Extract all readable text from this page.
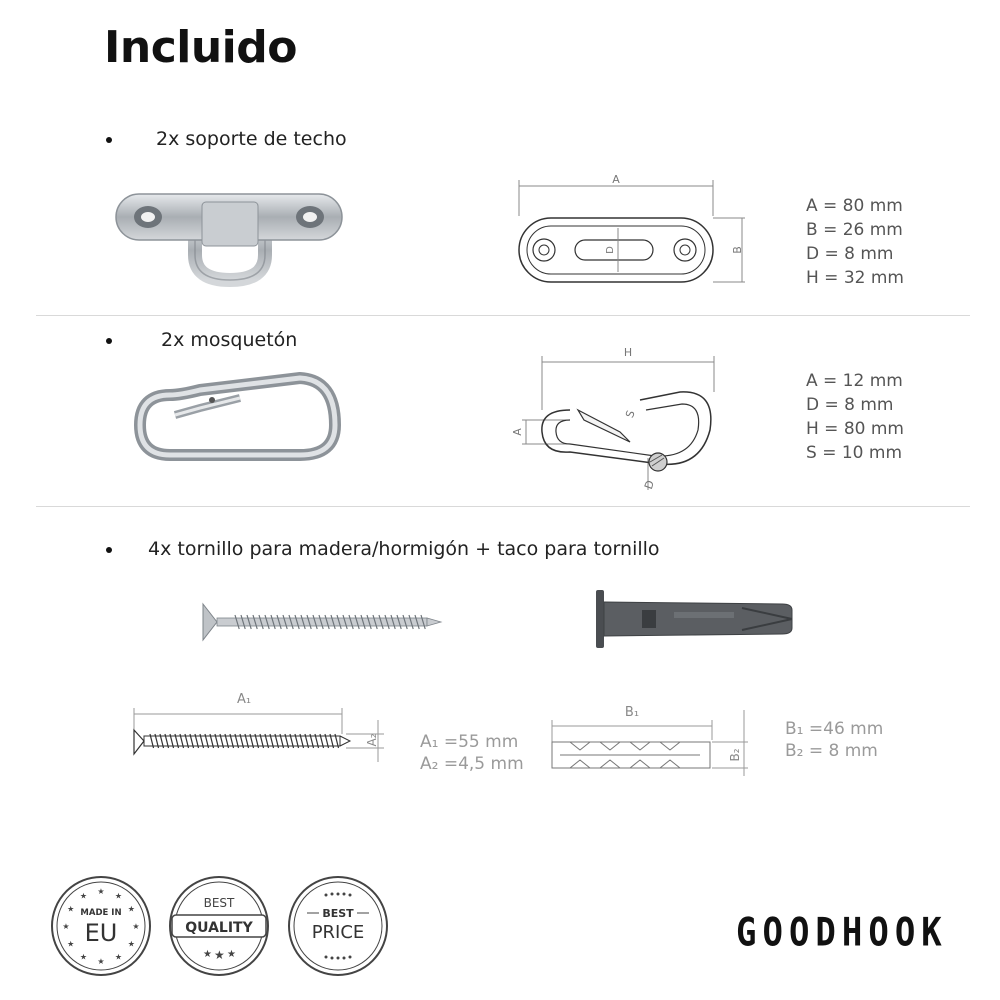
Incluido
2x soporte de techo
A
D	B
A = 80 mm
B = 26 mm
D = 8 mm
H = 32 mm
2x mosquetón
H
S
A
D
A = 12 mm
D = 8 mm
H = 80 mm
S = 10 mm
4x tornillo para madera/hormigón + taco para tornillo
A₁
A₂ A₁ =55 mm
A₂ =4,5 mm
B₁
B₂
B₁ =46 mm
B₂ = 8 mm
★
★
★
★
★
★
★
★
★
★
★
★
MADE IN
EU
BEST
QUALITY
★ ★ ★
BEST
PRICE	GOODHOOK
